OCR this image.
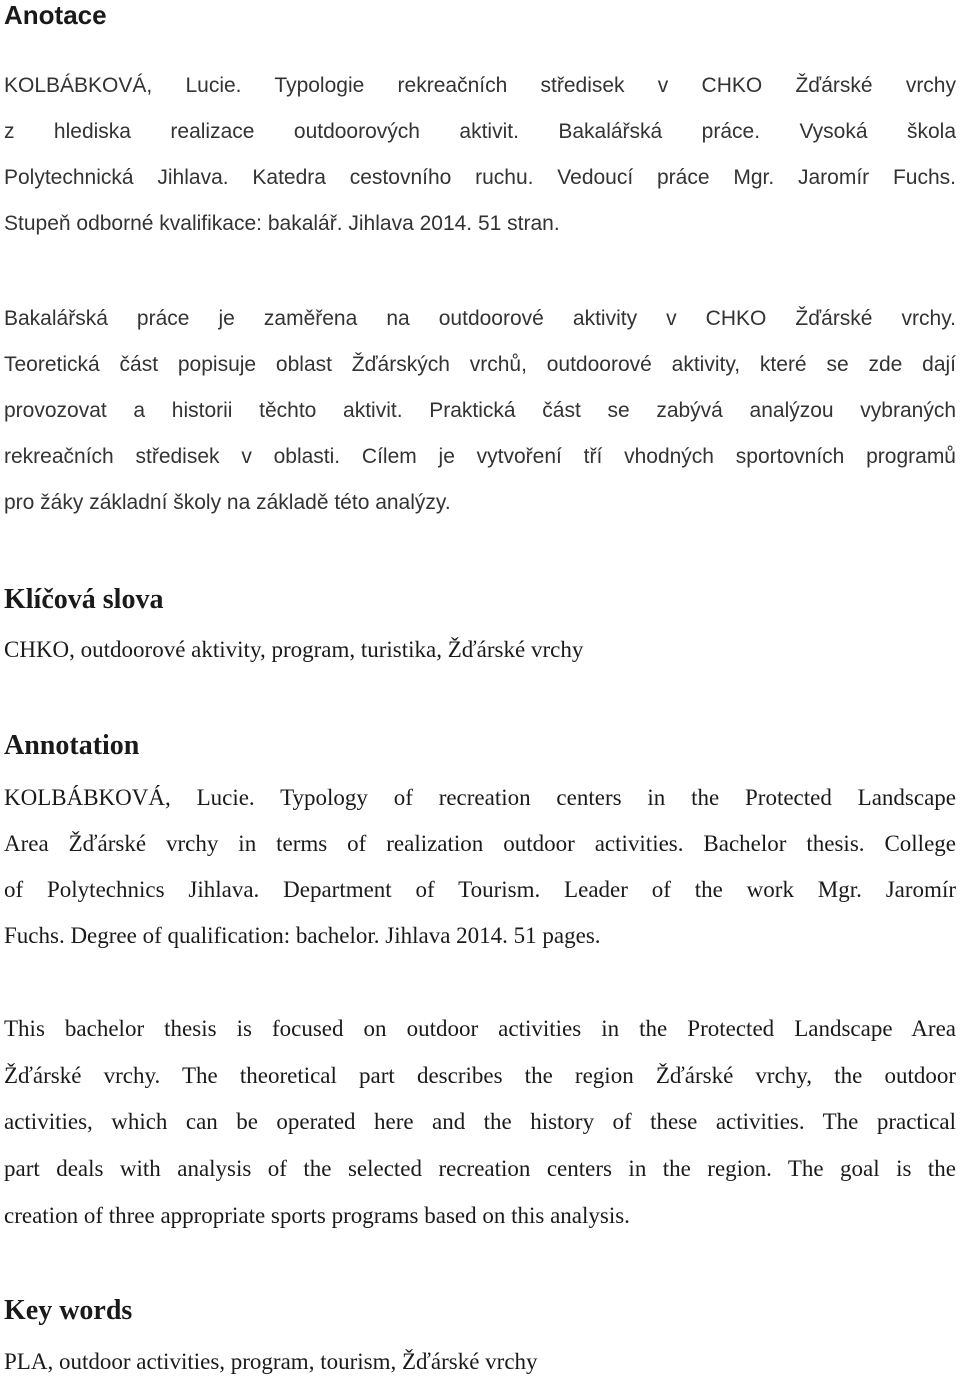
Anotace

KOLBÁBKOVÁ, Lucie. Typologie rekreačních středisek v CHKO Žďárské vrchy

z hlediska realizace outdoorových aktivit. Bakalářská práce. Vysoká škola

Polytechnická Jihlava. Katedra cestovního ruchu. Vedoucí práce Mgr. Jaromír Fuchs.

Stupeň odborné kvalifikace: bakalář. Jihlava 2014. 51 stran.

Bakalářská práce je zaměřena na outdoorové aktivity v CHKO Žďárské vrchy.

Teoretická část popisuje oblast Žďárských vrchů, outdoorové aktivity, které se zde dají

provozovat a historii těchto aktivit. Praktická část se zabývá analýzou vybraných

rekreačních středisek v oblasti. Cílem je vytvoření tří vhodných sportovních programů

pro žáky základní školy na základě této analýzy.

Klíčová slova

CHKO, outdoorové aktivity, program, turistika, Žďárské vrchy

Annotation

KOLBÁBKOVÁ, Lucie. Typology of recreation centers in the Protected Landscape

Area Žďárské vrchy in terms of realization outdoor activities. Bachelor thesis. College

of Polytechnics Jihlava. Department of Tourism. Leader of the work Mgr. Jaromír

Fuchs. Degree of qualification: bachelor. Jihlava 2014. 51 pages.

This bachelor thesis is focused on outdoor activities in the Protected Landscape Area

Žďárské vrchy. The theoretical part describes the region Žďárské vrchy, the outdoor

activities, which can be operated here and the history of these activities. The practical

part deals with analysis of the selected recreation centers in the region. The goal is the

creation of three appropriate sports programs based on this analysis.

Key words

PLA, outdoor activities, program, tourism, Žďárské vrchy
